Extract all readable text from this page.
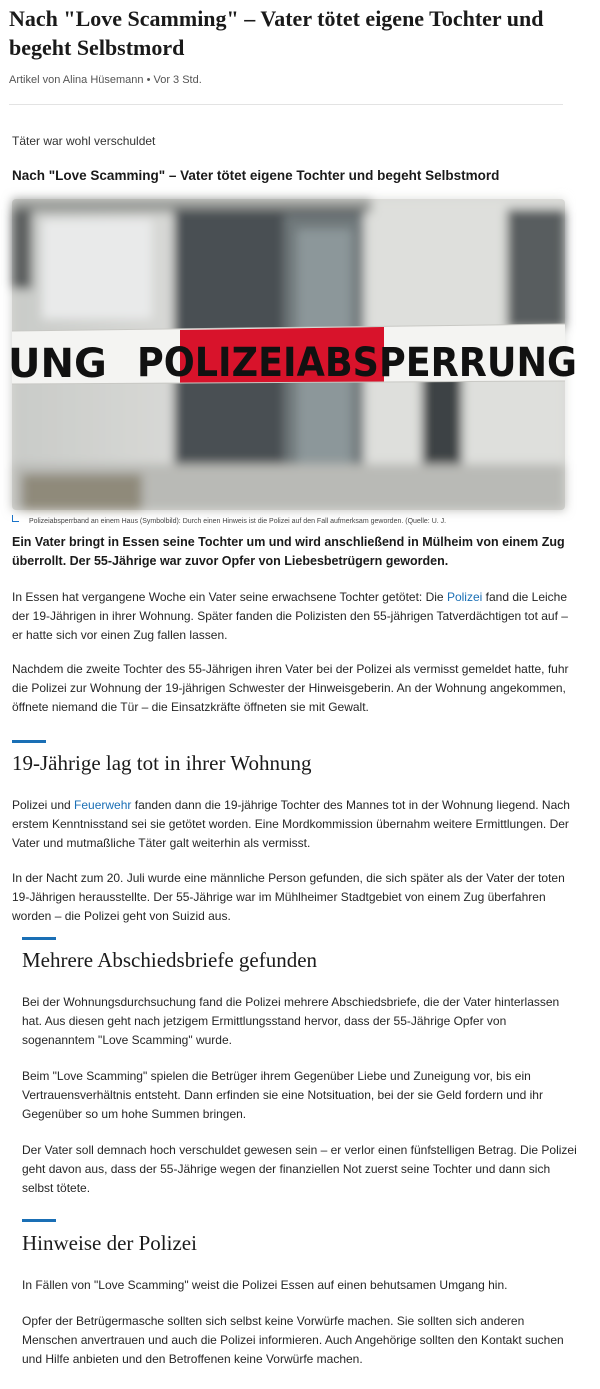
Nach "Love Scamming" – Vater tötet eigene Tochter und begeht Selbstmord
Artikel von Alina Hüsemann • Vor 3 Std.
Täter war wohl verschuldet
Nach "Love Scamming" – Vater tötet eigene Tochter und begeht Selbstmord
UNG POLIZEIABSPERRUNG
Polizeiabsperrband an einem Haus (Symbolbild): Durch einen Hinweis ist die Polizei auf den Fall aufmerksam geworden. (Quelle: U. J.

Ein Vater bringt in Essen seine Tochter um und wird anschließend in Mülheim von einem Zug überrollt. Der 55-Jährige war zuvor Opfer von Liebesbetrügern geworden.

In Essen hat vergangene Woche ein Vater seine erwachsene Tochter getötet: Die Polizei fand die Leiche der 19-Jährigen in ihrer Wohnung. Später fanden die Polizisten den 55-jährigen Tatverdächtigen tot auf – er hatte sich vor einen Zug fallen lassen.

Nachdem die zweite Tochter des 55-Jährigen ihren Vater bei der Polizei als vermisst gemeldet hatte, fuhr die Polizei zur Wohnung der 19-jährigen Schwester der Hinweisgeberin. An der Wohnung angekommen, öffnete niemand die Tür – die Einsatzkräfte öffneten sie mit Gewalt.

19-Jährige lag tot in ihrer Wohnung

Polizei und Feuerwehr fanden dann die 19-jährige Tochter des Mannes tot in der Wohnung liegend. Nach erstem Kenntnisstand sei sie getötet worden. Eine Mordkommission übernahm weitere Ermittlungen. Der Vater und mutmaßliche Täter galt weiterhin als vermisst.

In der Nacht zum 20. Juli wurde eine männliche Person gefunden, die sich später als der Vater der toten 19-Jährigen herausstellte. Der 55-Jährige war im Mühlheimer Stadtgebiet von einem Zug überfahren worden – die Polizei geht von Suizid aus.

Mehrere Abschiedsbriefe gefunden

Bei der Wohnungsdurchsuchung fand die Polizei mehrere Abschiedsbriefe, die der Vater hinterlassen hat. Aus diesen geht nach jetzigem Ermittlungsstand hervor, dass der 55-Jährige Opfer von sogenanntem "Love Scamming" wurde.

Beim "Love Scamming" spielen die Betrüger ihrem Gegenüber Liebe und Zuneigung vor, bis ein Vertrauensverhältnis entsteht. Dann erfinden sie eine Notsituation, bei der sie Geld fordern und ihr Gegenüber so um hohe Summen bringen.

Der Vater soll demnach hoch verschuldet gewesen sein – er verlor einen fünfstelligen Betrag. Die Polizei geht davon aus, dass der 55-Jährige wegen der finanziellen Not zuerst seine Tochter und dann sich selbst tötete.

Hinweise der Polizei

In Fällen von "Love Scamming" weist die Polizei Essen auf einen behutsamen Umgang hin.

Opfer der Betrügermasche sollten sich selbst keine Vorwürfe machen. Sie sollten sich anderen Menschen anvertrauen und auch die Polizei informieren. Auch Angehörige sollten den Kontakt suchen und Hilfe anbieten und den Betroffenen keine Vorwürfe machen.
